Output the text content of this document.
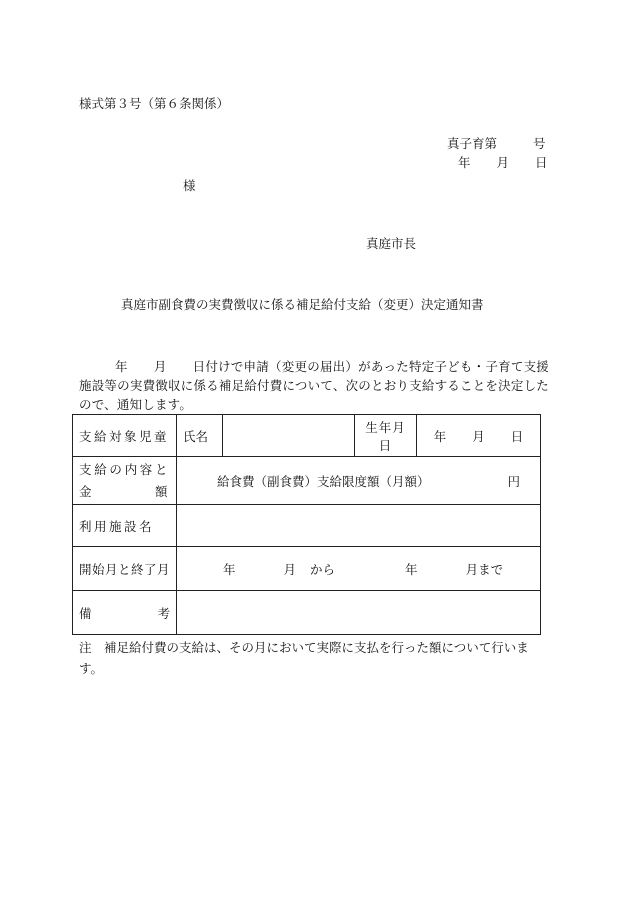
様式第３号（第６条関係）
真子育第	号
年 月 日
様
真庭市長
真庭市副食費の実費徴収に係る補足給付支給（変更）決定通知書
年 月 日付けで申請（変更の届出）があった特定子ども・子育て支援施設等の実費徴収に係る補足給付費について、次のとおり支給することを決定したので、通知します。
支給対象児童	氏名		生年月日	年 月 日

支給の内容と
金 額	給食費（副食費）支給限度額（月額） 円			
利用施設名				
開始月と終了月	年 月 から 年 月まで			

備 考				

注　補足給付費の支給は、その月において実際に支払を行った額について行います。
